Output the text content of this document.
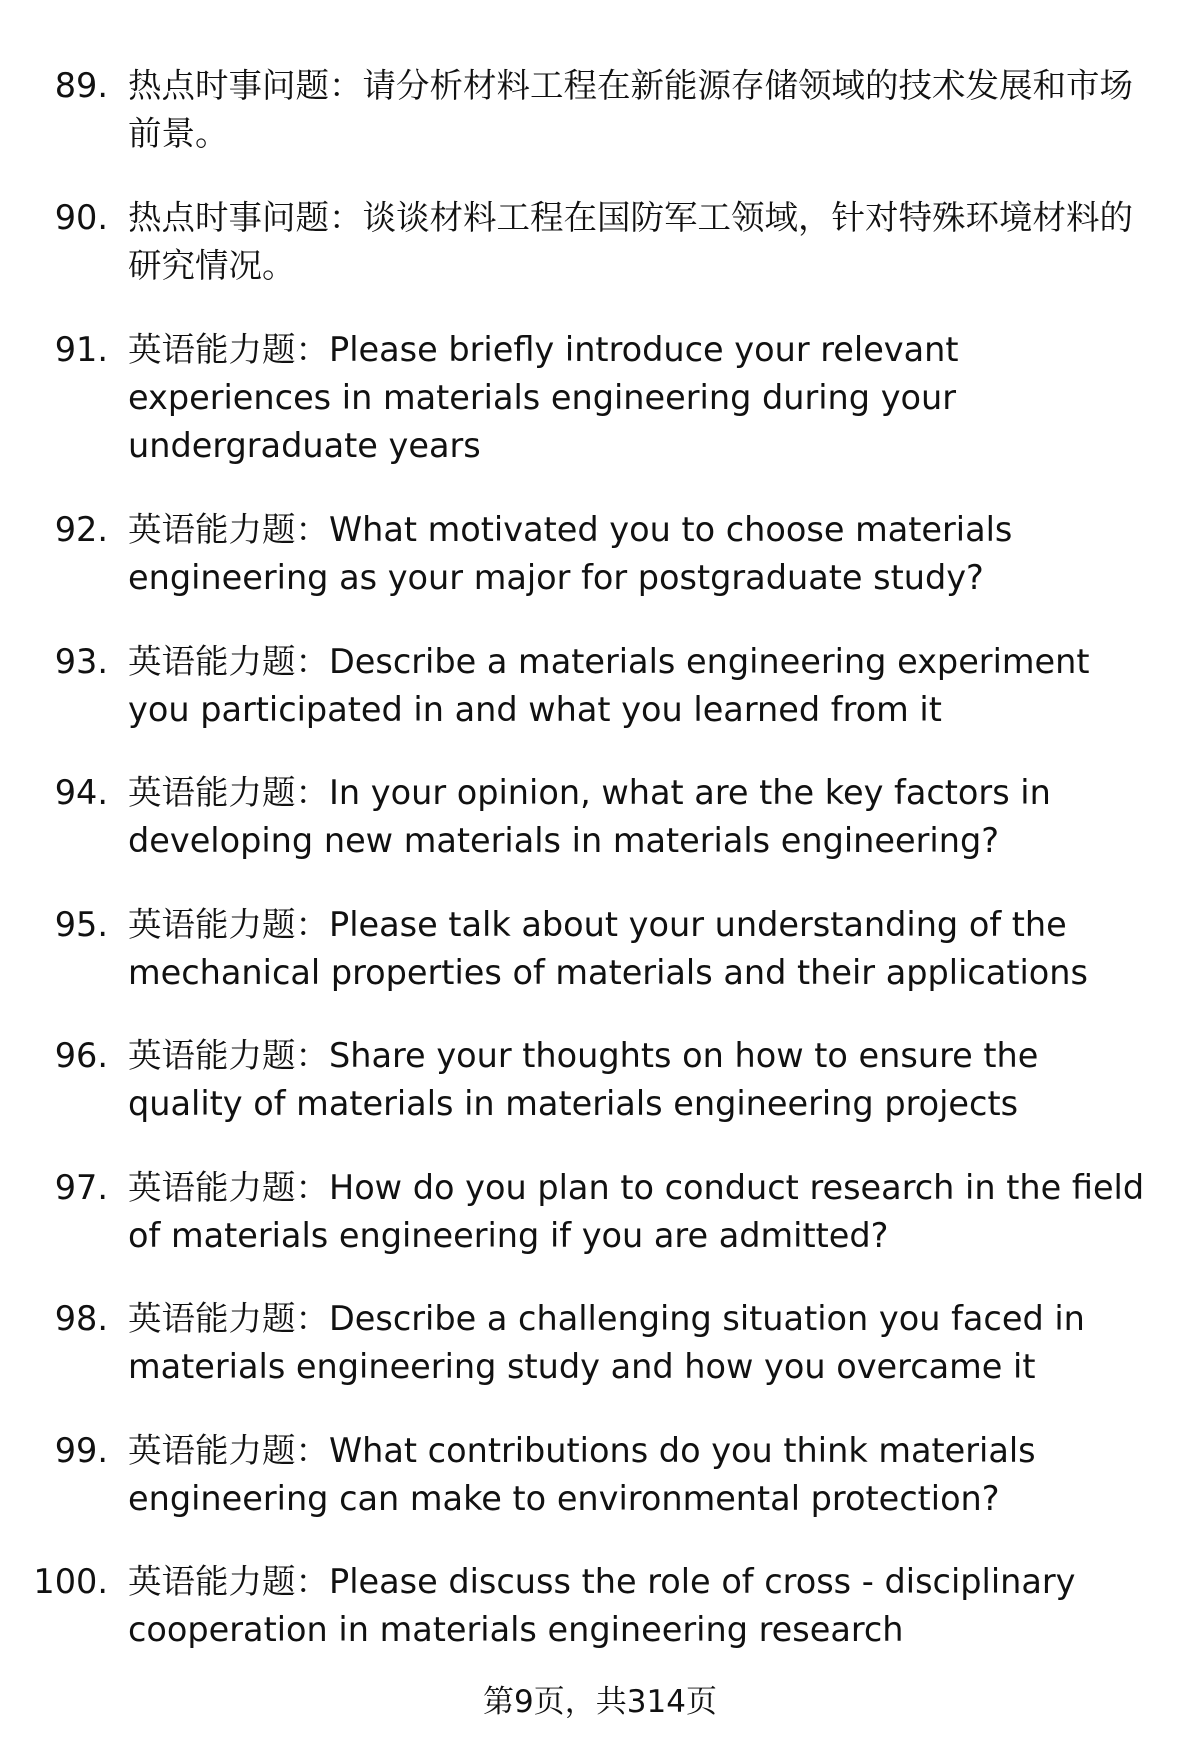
89. 热点时事问题：请分析材料工程在新能源存储领域的技术发展和市场前景。
90. 热点时事问题：谈谈材料工程在国防军工领域，针对特殊环境材料的研究情况。
91. 英语能力题：Please briefly introduce your relevant experiences in materials engineering during your undergraduate years
92. 英语能力题：What motivated you to choose materials engineering as your major for postgraduate study?
93. 英语能力题：Describe a materials engineering experiment you participated in and what you learned from it
94. 英语能力题：In your opinion, what are the key factors in developing new materials in materials engineering?
95. 英语能力题：Please talk about your understanding of the mechanical properties of materials and their applications
96. 英语能力题：Share your thoughts on how to ensure the quality of materials in materials engineering projects
97. 英语能力题：How do you plan to conduct research in the field of materials engineering if you are admitted?
98. 英语能力题：Describe a challenging situation you faced in materials engineering study and how you overcame it
99. 英语能力题：What contributions do you think materials engineering can make to environmental protection?
100. 英语能力题：Please discuss the role of cross - disciplinary cooperation in materials engineering research
第9页，共314页
